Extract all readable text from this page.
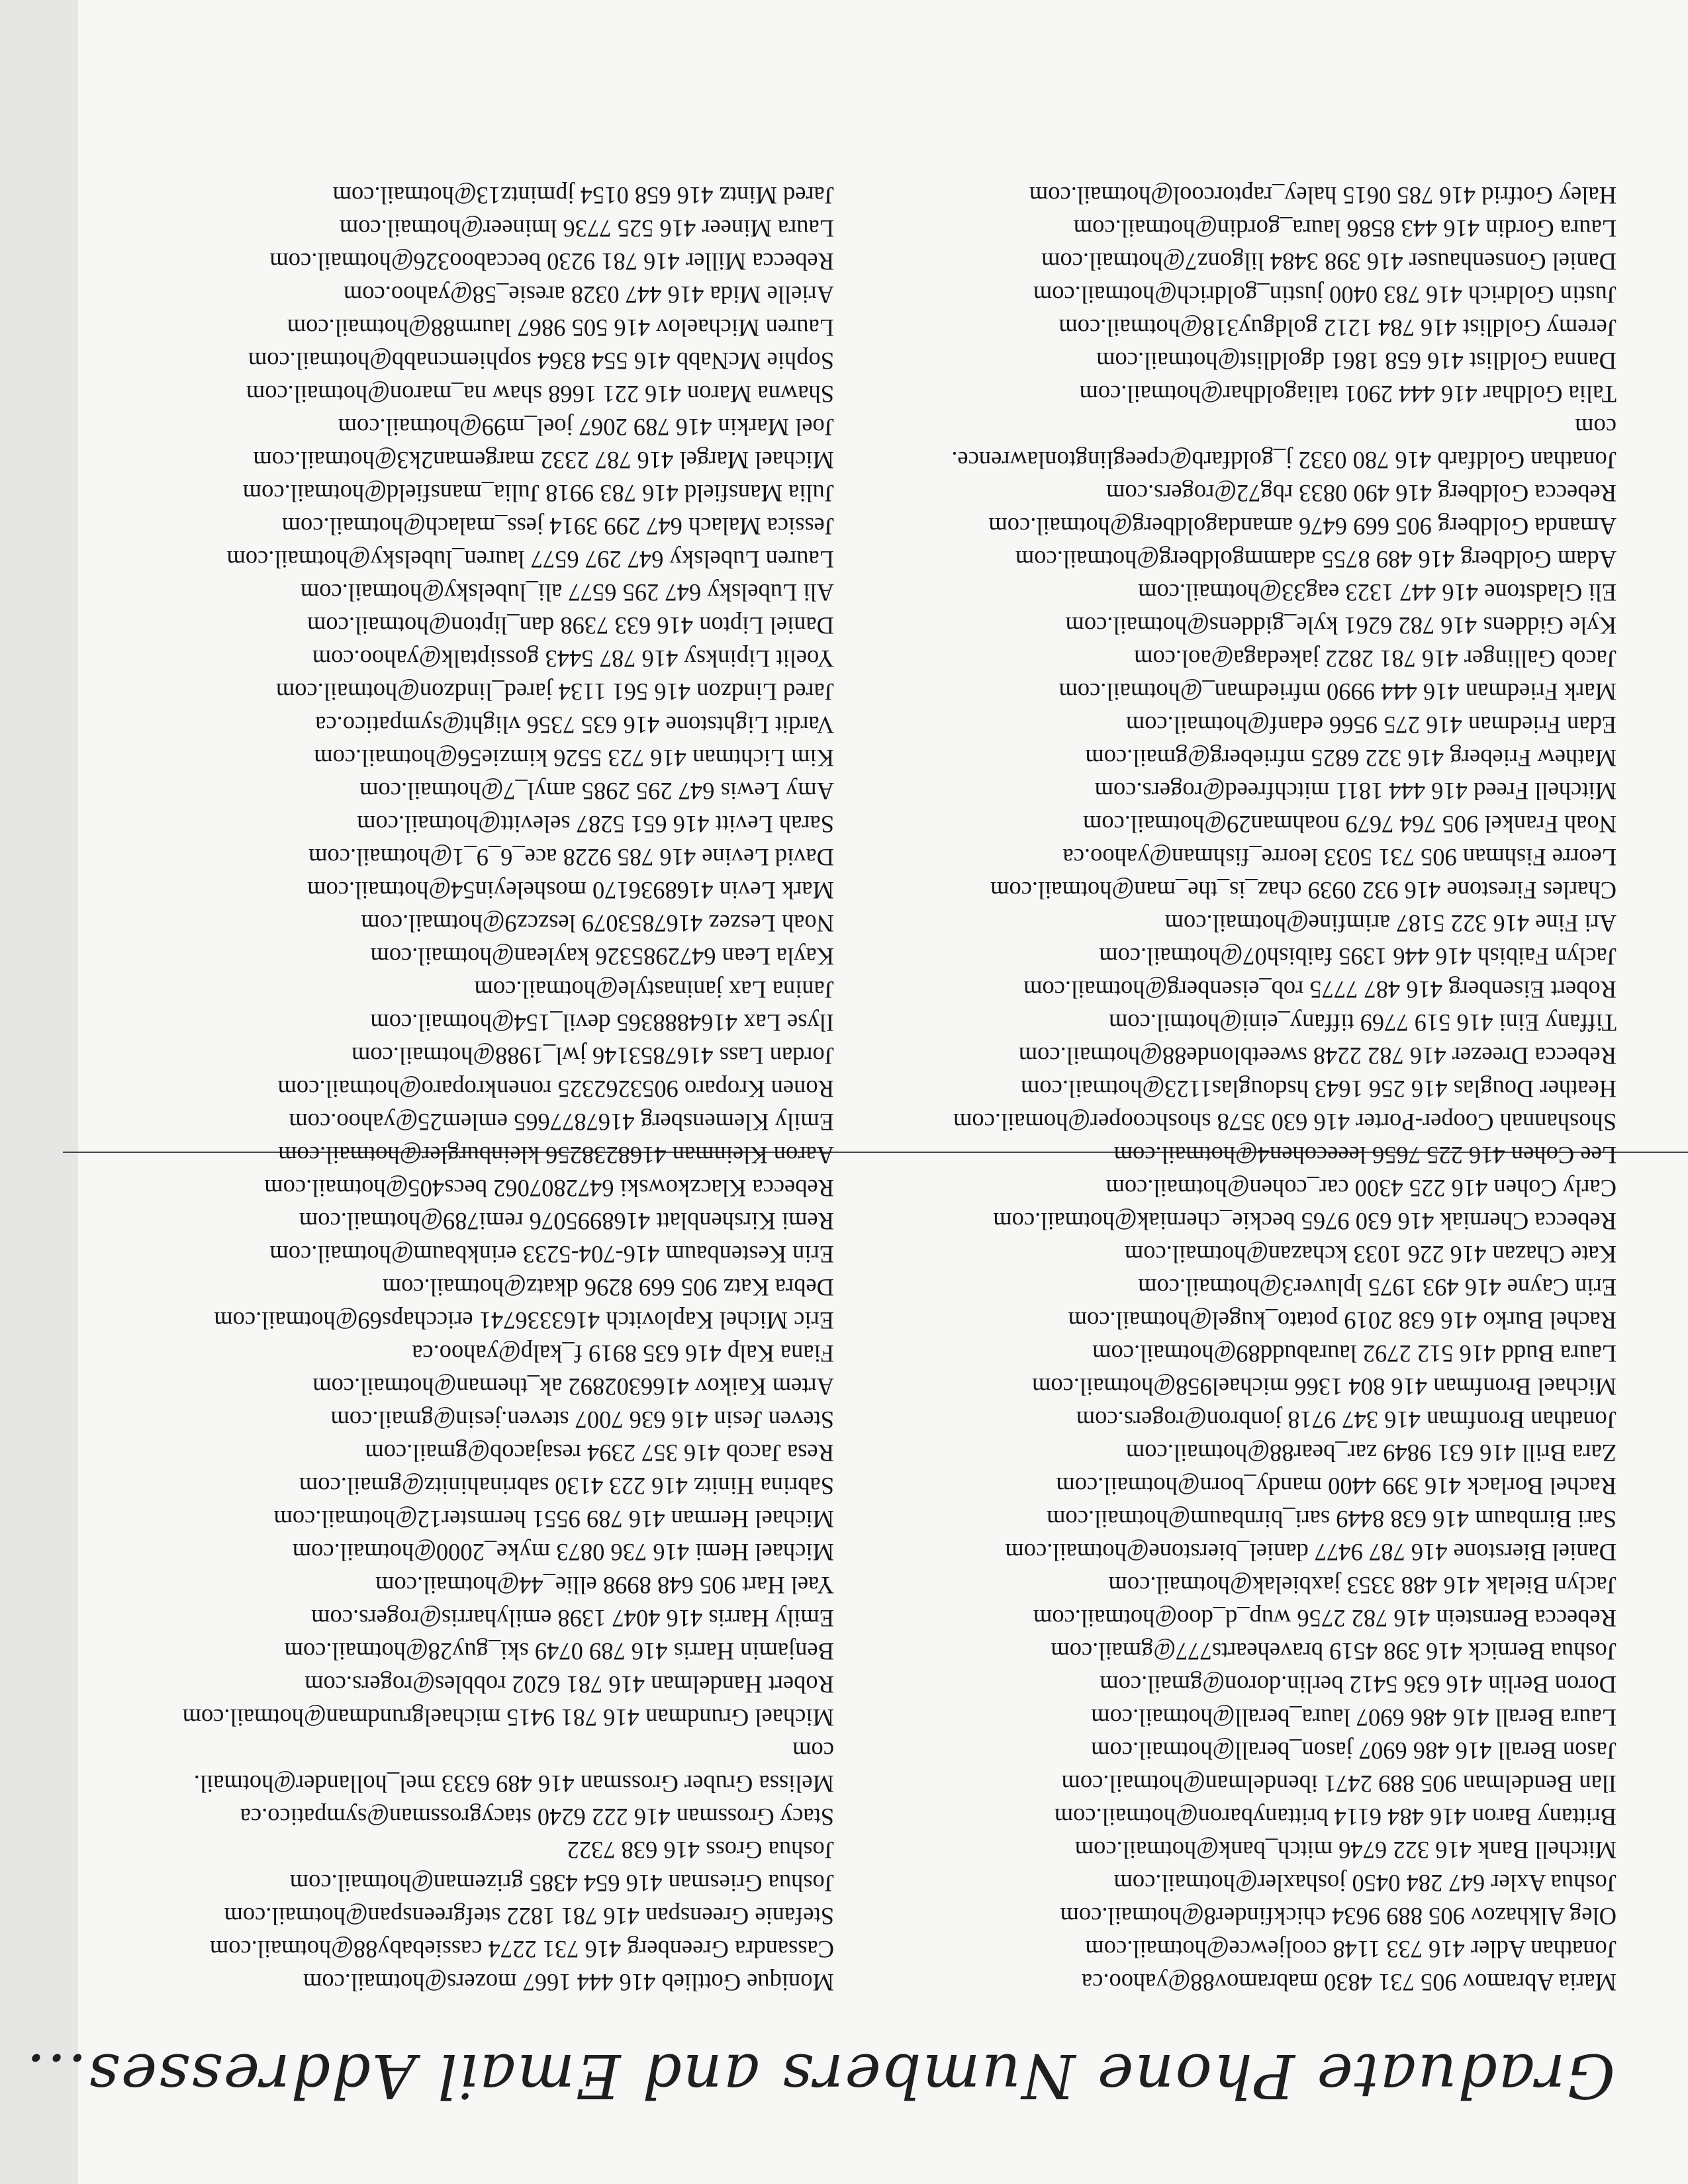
Graduate Phone Numbers and Email Addresses...
Maria Abramov 905 731 4830 mabramov88@yahoo.ca
Jonathan Adler 416 733 1148 cooljewce@hotmail.com
Oleg Alkhazov 905 889 9634 chickfinder8@hotmail.com
Joshua Axler 647 284 0450 joshaxler@hotmail.com
Mitchell Bank 416 322 6746 mitch_bank@hotmail.com
Brittany Baron 416 484 6114 brittanybaron@hotmail.com
Ilan Bendelman 905 889 2471 ibendelman@hotmail.com
Jason Berall 416 486 6907 jason_berall@hotmail.com
Laura Berall 416 486 6907 laura_berall@hotmail.com
Doron Berlin 416 636 5412 berlin.doron@gmail.com
Joshua Bernick 416 398 4519 bravehearts777@gmail.com
Rebecca Bernstein 416 782 2756 wup_d_doo@hotmail.com
Jaclyn Bielak 416 488 3353 jaxbielak@hotmail.com
Daniel Bierstone 416 787 9477 daniel_bierstone@hotmail.com
Sari Birnbaum 416 638 8449 sari_birnbaum@hotmail.com
Rachel Borlack 416 399 4400 mandy_born@hotmail.com
Zara Brill 416 631 9849 zar_bear88@hotmail.com
Jonathan Bronfman 416 347 9718 jonbron@rogers.com
Michael Bronfman 416 804 1366 michael958@hotmail.com
Laura Budd 416 512 2792 laurabudd89@hotmail.com
Rachel Burko 416 638 2019 potato_kugel@hotmail.com
Erin Cayne 416 493 1975 lpluver3@hotmail.com
Kate Chazan 416 226 1033 kchazan@hotmail.com
Rebecca Cherniak 416 630 9765 beckie_cherniak@hotmail.com
Carly Cohen 416 225 4300 car_cohen@hotmail.com
Lee Cohen 416 225 7656 leeecohen4@hotmail.com
Shoshannah Cooper-Porter 416 630 3578 shoshcooper@homail.com
Heather Douglas 416 256 1643 hsdouglas1123@hotmail.com
Rebecca Dreezer 416 782 2248 sweetblonde88@hotmail.com
Tiffany Eini 416 519 7769 tiffany_eini@hotmil.com
Robert Eisenberg 416 487 7775 rob_eisenberg@hotmail.com
Jaclyn Faibish 416 446 1395 faibish07@hotmail.com
Ari Fine 416 322 5187 arimfine@hotmail.com
Charles Firestone 416 932 0939 chaz_is_the_man@hotmail.com
Leorre Fishman 905 731 5033 leorre_fishman@yahoo.ca
Noah Frankel 905 764 7679 noahman29@hotmail.com
Mitchell Freed 416 444 1811 mitchfreed@rogers.com
Mathew Frieberg 416 322 6825 mfrieberg@gmail.com
Edan Friedman 416 275 9566 edanf@hotmail.com
Mark Friedman 416 444 9990 mfriedman_@hotmail.com
Jacob Gallinger 416 781 2822 jakedaga@aol.com
Kyle Giddens 416 782 6261 kyle_giddens@hotmail.com
Eli Gladstone 416 447 1323 eag33@hotmail.com
Adam Goldberg 416 489 8755 adammgoldberg@hotmail.com
Amanda Goldberg 905 669 6476 amandagoldberg@hotmail.com
Rebecca Goldberg 416 490 0833 rbg72@rogers.com
Jonathan Goldfarb 416 780 0332 j_goldfarb@cpeeglingtonlawrence.
com
Talia Goldhar 416 444 2901 taliagoldhar@hotmail.com
Danna Goldlist 416 658 1861 dgoldlist@hotmail.com
Jeremy Goldlist 416 784 1212 goldguy318@hotmail.com
Justin Goldrich 416 783 0400 justin_goldrich@hotmail.com
Daniel Gonsenhauser 416 398 3484 lilgonz7@hotmail.com
Laura Gordin 416 443 8586 laura_gordin@hotmail.com
Haley Gotfrid 416 785 0615 haley_raptorcool@hotmail.com
Monique Gottlieb 416 444 1667 mozers@hotmail.com
Cassandra Greenberg 416 731 2274 cassiebaby88@hotmail.com
Stefanie Greenspan 416 781 1822 stefgreenspan@hotmail.com
Joshua Griesman 416 654 4385 grizeman@hotmail.com
Joshua Gross 416 638 7322
Stacy Grossman 416 222 6240 stacygrossman@sympatico.ca
Melissa Gruber Grossman 416 489 6333 mel_hollander@hotmail.
com
Michael Grundman 416 781 9415 michaelgrundman@hotmail.com
Robert Handelman 416 781 6202 robbles@rogers.com
Benjamin Harris 416 789 0749 ski_guy28@hotmail.com
Emily Harris 416 4047 1398 emilyharris@rogers.com
Yael Hart 905 648 8998 ellie_44@hotmail.com
Michael Hemi 416 736 0873 myke_2000@hotmail.com
Michael Herman 416 789 9551 hermster12@hotmail.com
Sabrina Hinitz 416 223 4130 sabrinahinitz@gmail.com
Resa Jacob 416 357 2394 resajacob@gmail.com
Steven Jesin 416 636 7007 steven.jesin@gmail.com
Artem Kaikov 4166302892 ak_theman@hotmail.com
Fiana Kalp 416 635 8919 f_kalp@yahoo.ca
Eric Michel Kaplovitch 4163336741 ericchaps69@hotmail.com
Debra Katz 905 669 8296 dkatz@hotmail.com
Erin Kestenbaum 416-704-5233 erinkbaum@hotmail.com
Remi Kirshenblatt 4168995076 remi789@hotmail.com
Rebecca Klaczkowski 6472807062 becs405@hotmail.com
Aaron Kleinman 4168238256 kleinburgler@hotmail.com
Emily Klemensberg 4167877665 emlem25@yahoo.com
Ronen Kroparo 9053262325 ronenkroparo@hotmail.com
Jordan Lass 4167853146 jwl_1988@hotmail.com
Ilyse Lax 4164888365 devil_154@hotmail.com
Janina Lax janinastyle@hotmail.com
Kayla Lean 6472985326 kaylean@hotmail.com
Noah Leszez 4167853079 leszcz9@hotmail.com
Mark Levin 4168936170 mosheleyin54@hotmail.com
David Levine 416 785 9228 ace_6_9_1@hotmail.com
Sarah Levitt 416 651 5287 selevitt@hotmail.com
Amy Lewis 647 295 2985 amyl_7@hotmail.com
Kim Lichtman 416 723 5526 kimzie56@hotmail.com
Vardit Lightstone 416 635 7356 vlight@sympatico.ca
Jared Lindzon 416 561 1134 jared_lindzon@hotmail.com
Yoelit Lipinksy 416 787 5443 gossiptalk@yahoo.com
Daniel Lipton 416 633 7398 dan_lipton@hotmail.com
Ali Lubelsky 647 295 6577 ali_lubelsky@hotmail.com
Lauren Lubelsky 647 297 6577 lauren_lubelsky@hotmail.com
Jessica Malach 647 299 3914 jess_malach@hotmail.com
Julia Mansfield 416 783 9918 Julia_mansfield@hotmail.com
Michael Margel 416 787 2332 margeman2k3@hotmail.com
Joel Markin 416 789 2067 joel_m99@hotmail.com
Shawna Maron 416 221 1668 shaw na_maron@hotmail.com
Sophie McNabb 416 554 8364 sophiemcnabb@hotmail.com
Lauren Michaelov 416 505 9867 laurm88@hotmail.com
Arielle Mida 416 447 0328 aresie_58@yahoo.com
Rebecca Miller 416 781 9230 beccaboo326@hotmail.com
Laura Mineer 416 525 7736 lmineer@hotmail.com
Jared Mintz 416 658 0154 jpmintz13@hotmail.com
